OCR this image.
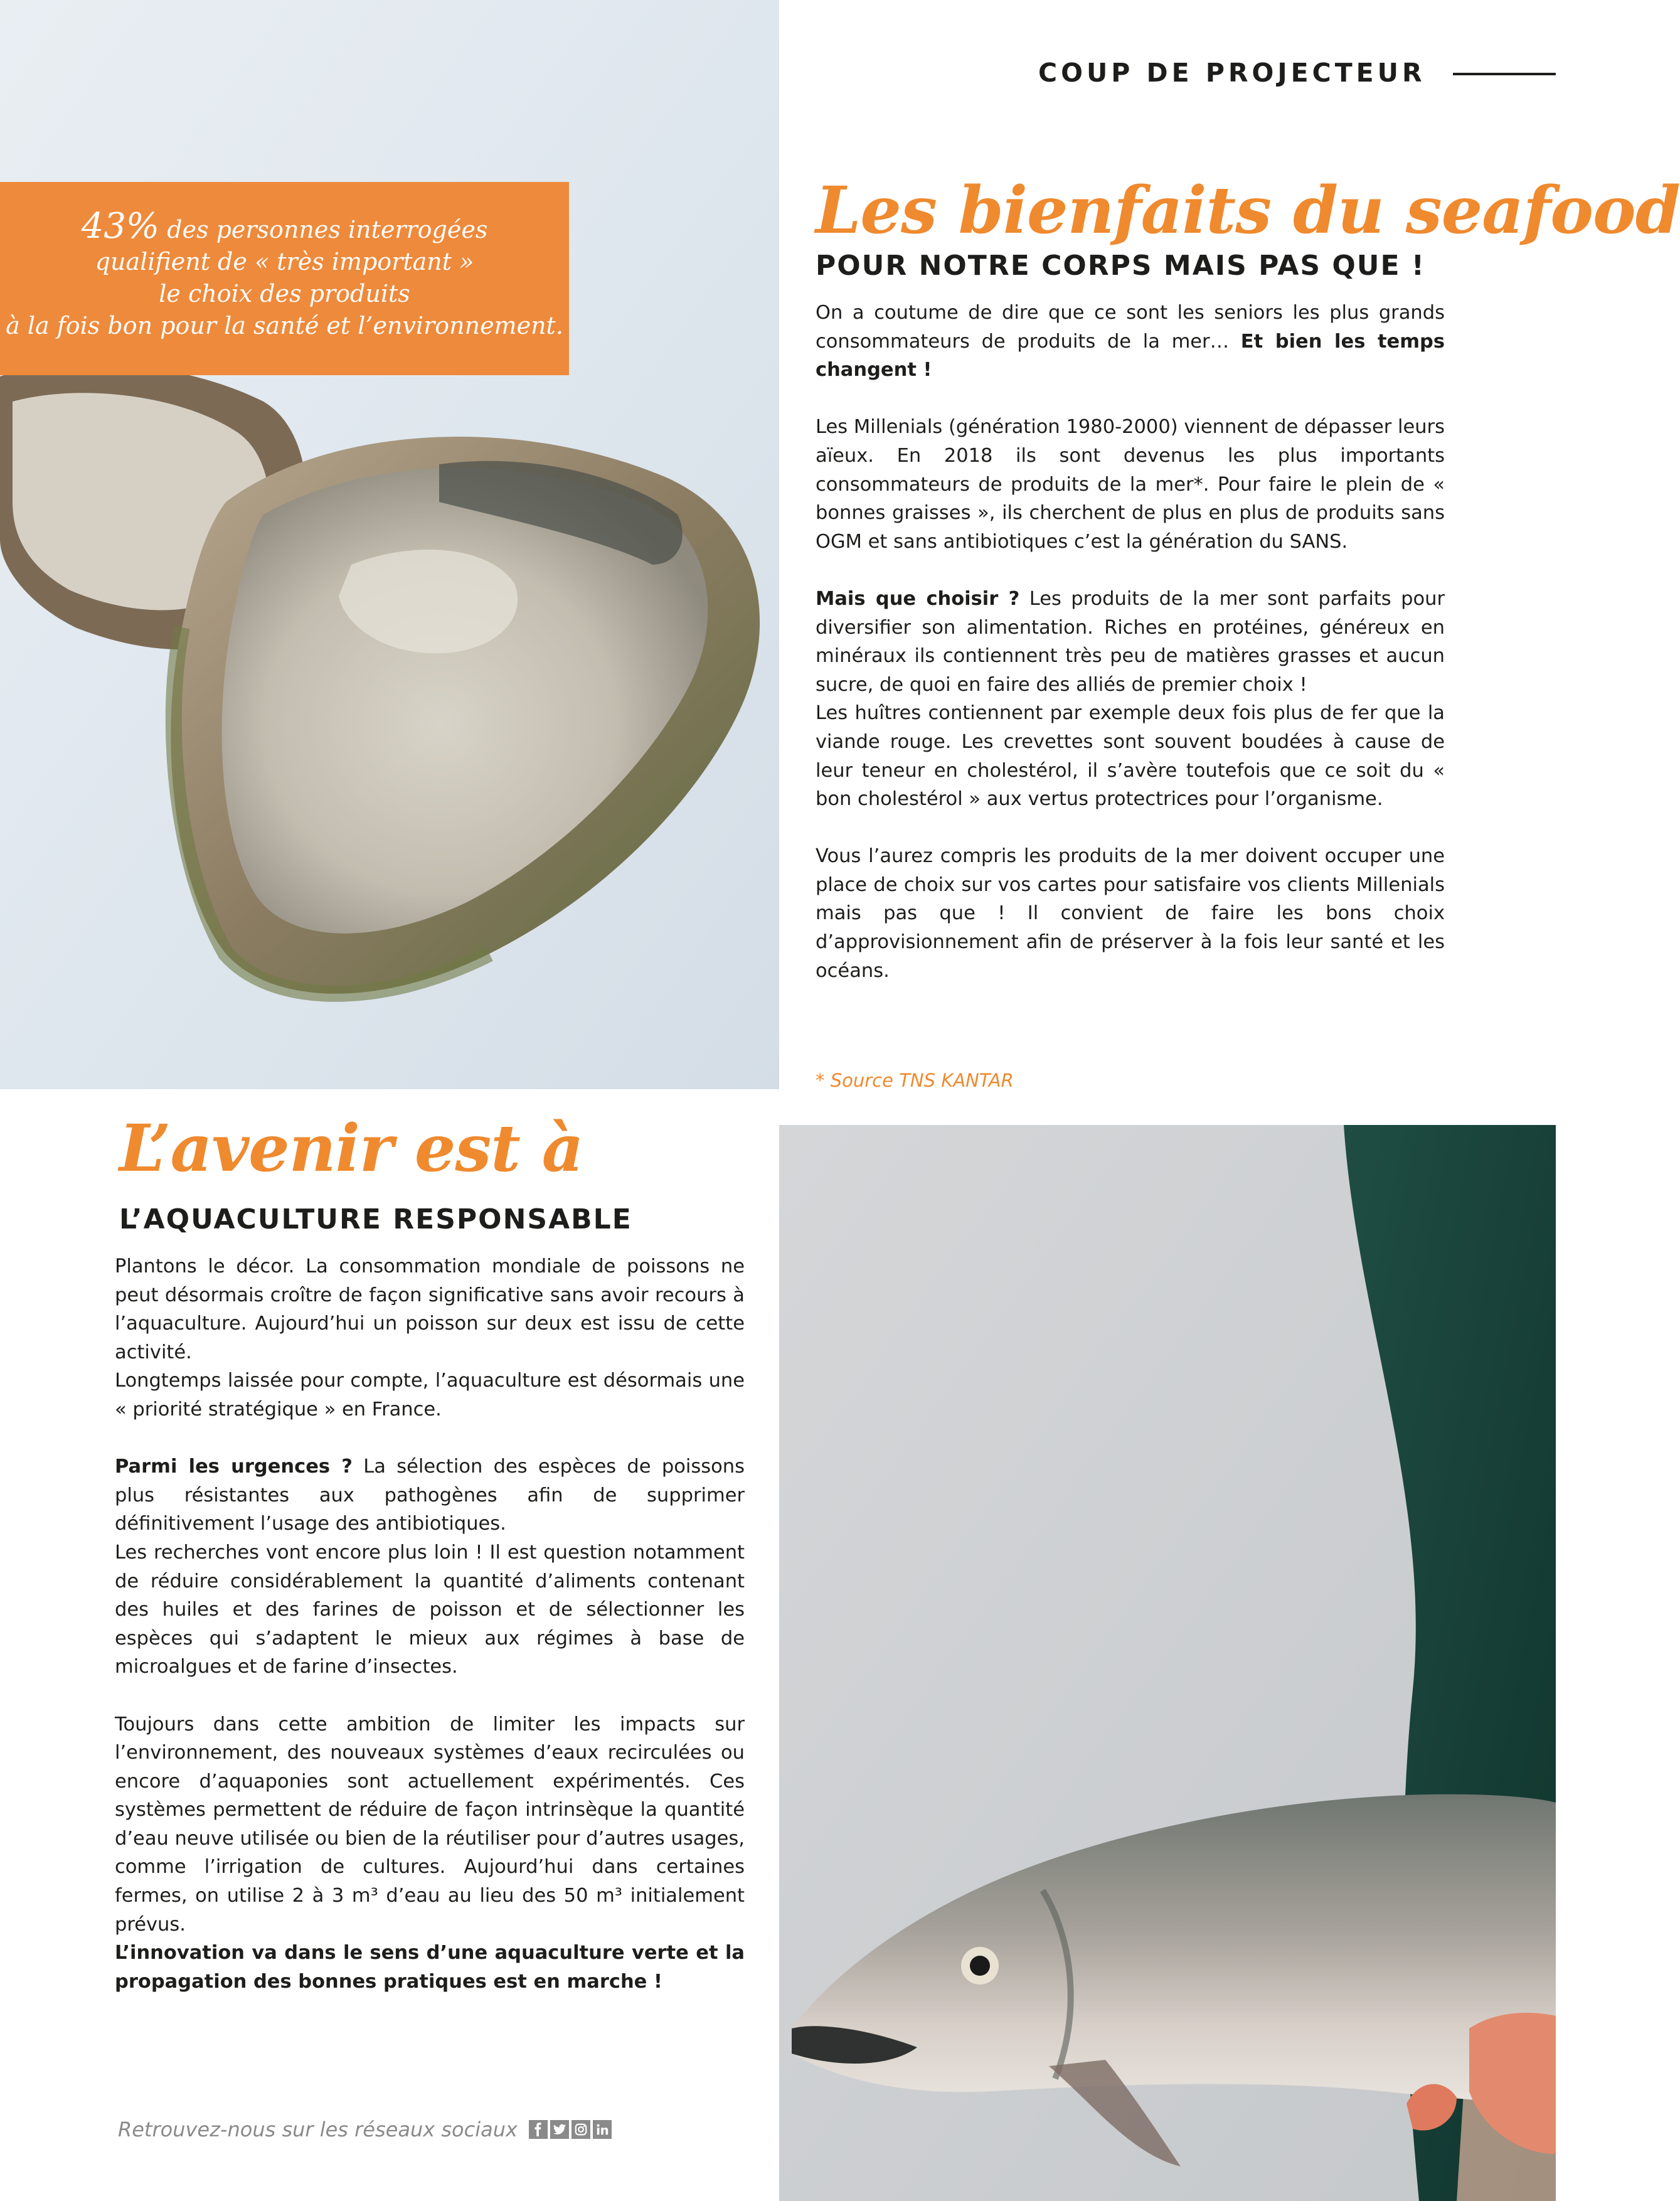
COUP DE PROJECTEUR
43% des personnes interrogées
qualifient de « très important »
le choix des produits
à la fois bon pour la santé et l’environnement.
Les bienfaits du seafood
POUR NOTRE CORPS MAIS PAS QUE !

On a coutume de dire que ce sont les seniors les plus grands consommateurs de produits de la mer… Et bien les temps changent !

Les Millenials (génération 1980-2000) viennent de dépasser leurs aïeux. En 2018 ils sont devenus les plus importants consommateurs de produits de la mer*. Pour faire le plein de « bonnes graisses », ils cherchent de plus en plus de produits sans OGM et sans antibiotiques c’est la génération du SANS.

Mais que choisir ? Les produits de la mer sont parfaits pour diversifier son alimentation. Riches en protéines, généreux en minéraux ils contiennent très peu de matières grasses et aucun sucre, de quoi en faire des alliés de premier choix !

Les huîtres contiennent par exemple deux fois plus de fer que la viande rouge. Les crevettes sont souvent boudées à cause de leur teneur en cholestérol, il s’avère toutefois que ce soit du « bon cholestérol » aux vertus protectrices pour l’organisme.

Vous l’aurez compris les produits de la mer doivent occuper une place de choix sur vos cartes pour satisfaire vos clients Millenials mais pas que ! Il convient de faire les bons choix d’approvisionnement afin de préserver à la fois leur santé et les océans.

* Source TNS KANTAR
L’avenir est à
L’AQUACULTURE RESPONSABLE

Plantons le décor. La consommation mondiale de poissons ne peut désormais croître de façon significative sans avoir recours à l’aquaculture. Aujourd’hui un poisson sur deux est issu de cette activité.

Longtemps laissée pour compte, l’aquaculture est désormais une « priorité stratégique » en France.

Parmi les urgences ? La sélection des espèces de poissons plus résistantes aux pathogènes afin de supprimer définitivement l’usage des antibiotiques.

Les recherches vont encore plus loin ! Il est question notamment de réduire considérablement la quantité d’aliments contenant des huiles et des farines de poisson et de sélectionner les espèces qui s’adaptent le mieux aux régimes à base de microalgues et de farine d’insectes.

Toujours dans cette ambition de limiter les impacts sur l’environnement, des nouveaux systèmes d’eaux recirculées ou encore d’aquaponies sont actuellement expérimentés. Ces systèmes permettent de réduire de façon intrinsèque la quantité d’eau neuve utilisée ou bien de la réutiliser pour d’autres usages, comme l’irrigation de cultures. Aujourd’hui dans certaines fermes, on utilise 2 à 3 m³ d’eau au lieu des 50 m³ initialement prévus.

L’innovation va dans le sens d’une aquaculture verte et la propagation des bonnes pratiques est en marche !

Retrouvez-nous sur les réseaux sociaux
